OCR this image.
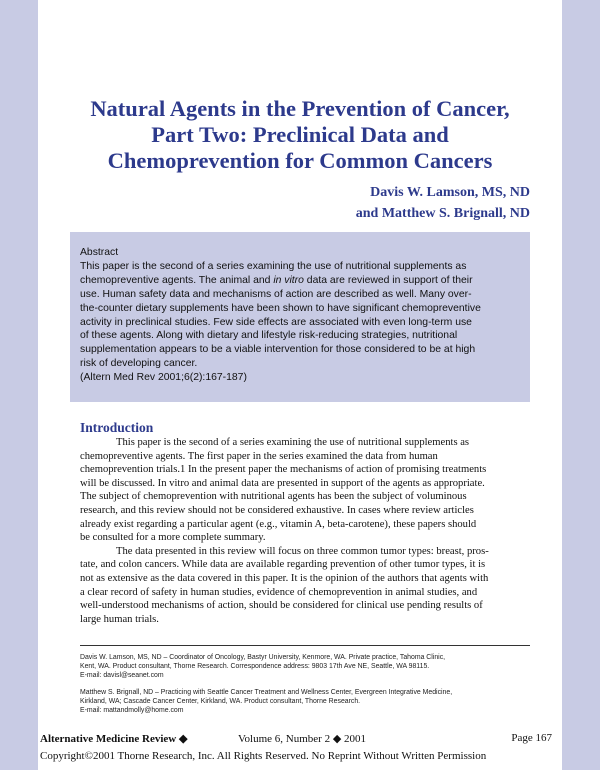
Natural Agents in the Prevention of Cancer,
Part Two: Preclinical Data and
Chemoprevention for Common Cancers
Davis W. Lamson, MS, ND
and Matthew S. Brignall, ND
Abstract
This paper is the second of a series examining the use of nutritional supplements as
chemopreventive agents. The animal and in vitro data are reviewed in support of their
use. Human safety data and mechanisms of action are described as well. Many over-
the-counter dietary supplements have been shown to have significant chemopreventive
activity in preclinical studies. Few side effects are associated with even long-term use
of these agents. Along with dietary and lifestyle risk-reducing strategies, nutritional
supplementation appears to be a viable intervention for those considered to be at high
risk of developing cancer.
(Altern Med Rev 2001;6(2):167-187)
Introduction
This paper is the second of a series examining the use of nutritional supplements as
chemopreventive agents. The first paper in the series examined the data from human
chemoprevention trials.1 In the present paper the mechanisms of action of promising treatments
will be discussed. In vitro and animal data are presented in support of the agents as appropriate.
The subject of chemoprevention with nutritional agents has been the subject of voluminous
research, and this review should not be considered exhaustive. In cases where review articles
already exist regarding a particular agent (e.g., vitamin A, beta-carotene), these papers should
be consulted for a more complete summary.
The data presented in this review will focus on three common tumor types: breast, pros-
tate, and colon cancers. While data are available regarding prevention of other tumor types, it is
not as extensive as the data covered in this paper. It is the opinion of the authors that agents with
a clear record of safety in human studies, evidence of chemoprevention in animal studies, and
well-understood mechanisms of action, should be considered for clinical use pending results of
large human trials.
Davis W. Lamson, MS, ND – Coordinator of Oncology, Bastyr University, Kenmore, WA. Private practice, Tahoma Clinic,
Kent, WA. Product consultant, Thorne Research. Correspondence address: 9803 17th Ave NE, Seattle, WA 98115.
E-mail: davisl@seanet.com
Matthew S. Brignall, ND – Practicing with Seattle Cancer Treatment and Wellness Center, Evergreen Integrative Medicine,
Kirkland, WA; Cascade Cancer Center, Kirkland, WA. Product consultant, Thorne Research.
E-mail: mattandmolly@home.com
Alternative Medicine Review ◆	Volume 6, Number 2 ◆ 2001	Page 167
Copyright©2001 Thorne Research, Inc. All Rights Reserved. No Reprint Without Written Permission
